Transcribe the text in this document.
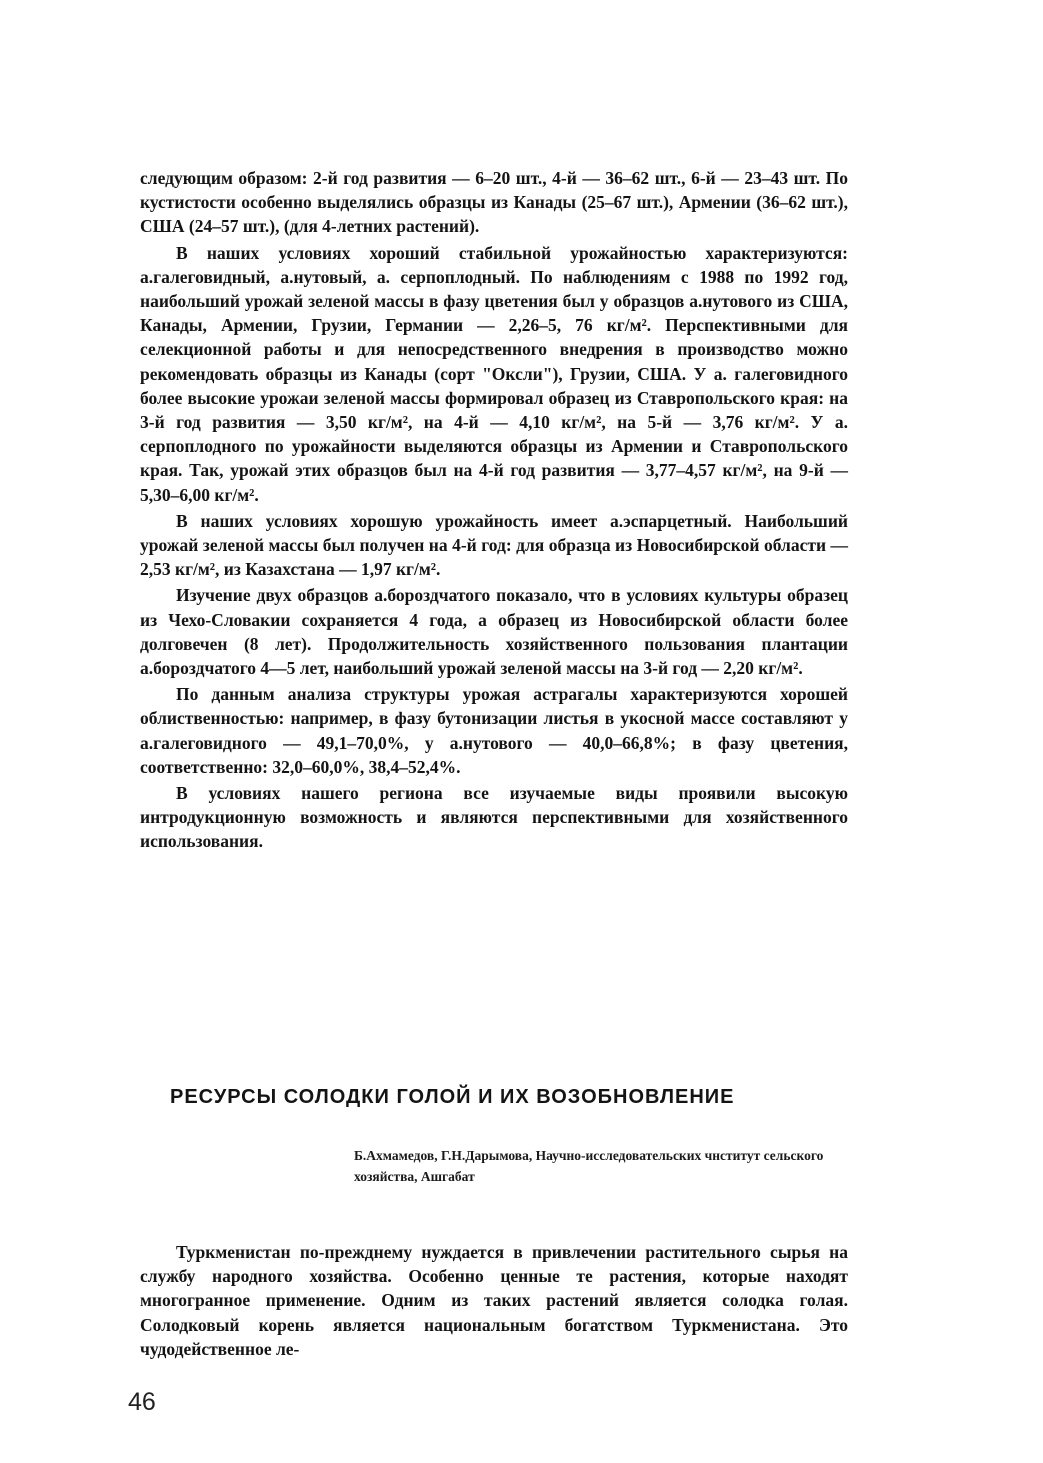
следующим образом: 2-й год развития — 6–20 шт., 4-й — 36–62 шт., 6-й — 23–43 шт. По кустистости особенно выделялись образцы из Канады (25–67 шт.), Армении (36–62 шт.), США (24–57 шт.), (для 4-летних растений).

В наших условиях хороший стабильной урожайностью характеризуются: а.галеговидный, а.нутовый, а. серпоплодный. По наблюдениям с 1988 по 1992 год, наибольший урожай зеленой массы в фазу цветения был у образцов а.нутового из США, Канады, Армении, Грузии, Германии — 2,26–5, 76 кг/м². Перспективными для селекционной работы и для непосредственного внедрения в производство можно рекомендовать образцы из Канады (сорт "Оксли"), Грузии, США. У а. галеговидного более высокие урожаи зеленой массы формировал образец из Ставропольского края: на 3-й год развития — 3,50 кг/м², на 4-й — 4,10 кг/м², на 5-й — 3,76 кг/м². У а. серпоплодного по урожайности выделяются образцы из Армении и Ставропольского края. Так, урожай этих образцов был на 4-й год развития — 3,77–4,57 кг/м², на 9-й — 5,30–6,00 кг/м².

В наших условиях хорошую урожайность имеет а.эспарцетный. Наибольший урожай зеленой массы был получен на 4-й год: для образца из Новосибирской области — 2,53 кг/м², из Казахстана — 1,97 кг/м².

Изучение двух образцов а.бороздчатого показало, что в условиях культуры образец из Чехо-Словакии сохраняется 4 года, а образец из Новосибирской области более долговечен (8 лет). Продолжительность хозяйственного пользования плантации а.бороздчатого 4—5 лет, наибольший урожай зеленой массы на 3-й год — 2,20 кг/м².

По данным анализа структуры урожая астрагалы характеризуются хорошей облиственностью: например, в фазу бутонизации листья в укосной массе составляют у а.галеговидного — 49,1–70,0%, у а.нутового — 40,0–66,8%; в фазу цветения, соответственно: 32,0–60,0%, 38,4–52,4%.

В условиях нашего региона все изучаемые виды проявили высокую интродукционную возможность и являются перспективными для хозяйственного использования.

РЕСУРСЫ СОЛОДКИ ГОЛОЙ И ИХ ВОЗОБНОВЛЕНИЕ
Б.Ахмамедов, Г.Н.Дарымова, Научно-исследовательских чнститут сельского хозяйства, Ашгабат

Туркменистан по-прежднему нуждается в привлечении растительного сырья на службу народного хозяйства. Особенно ценные те растения, которые находят многогранное применение. Одним из таких растений является солодка голая. Солодковый корень является национальным богатством Туркменистана. Это чудодейственное ле-

46
